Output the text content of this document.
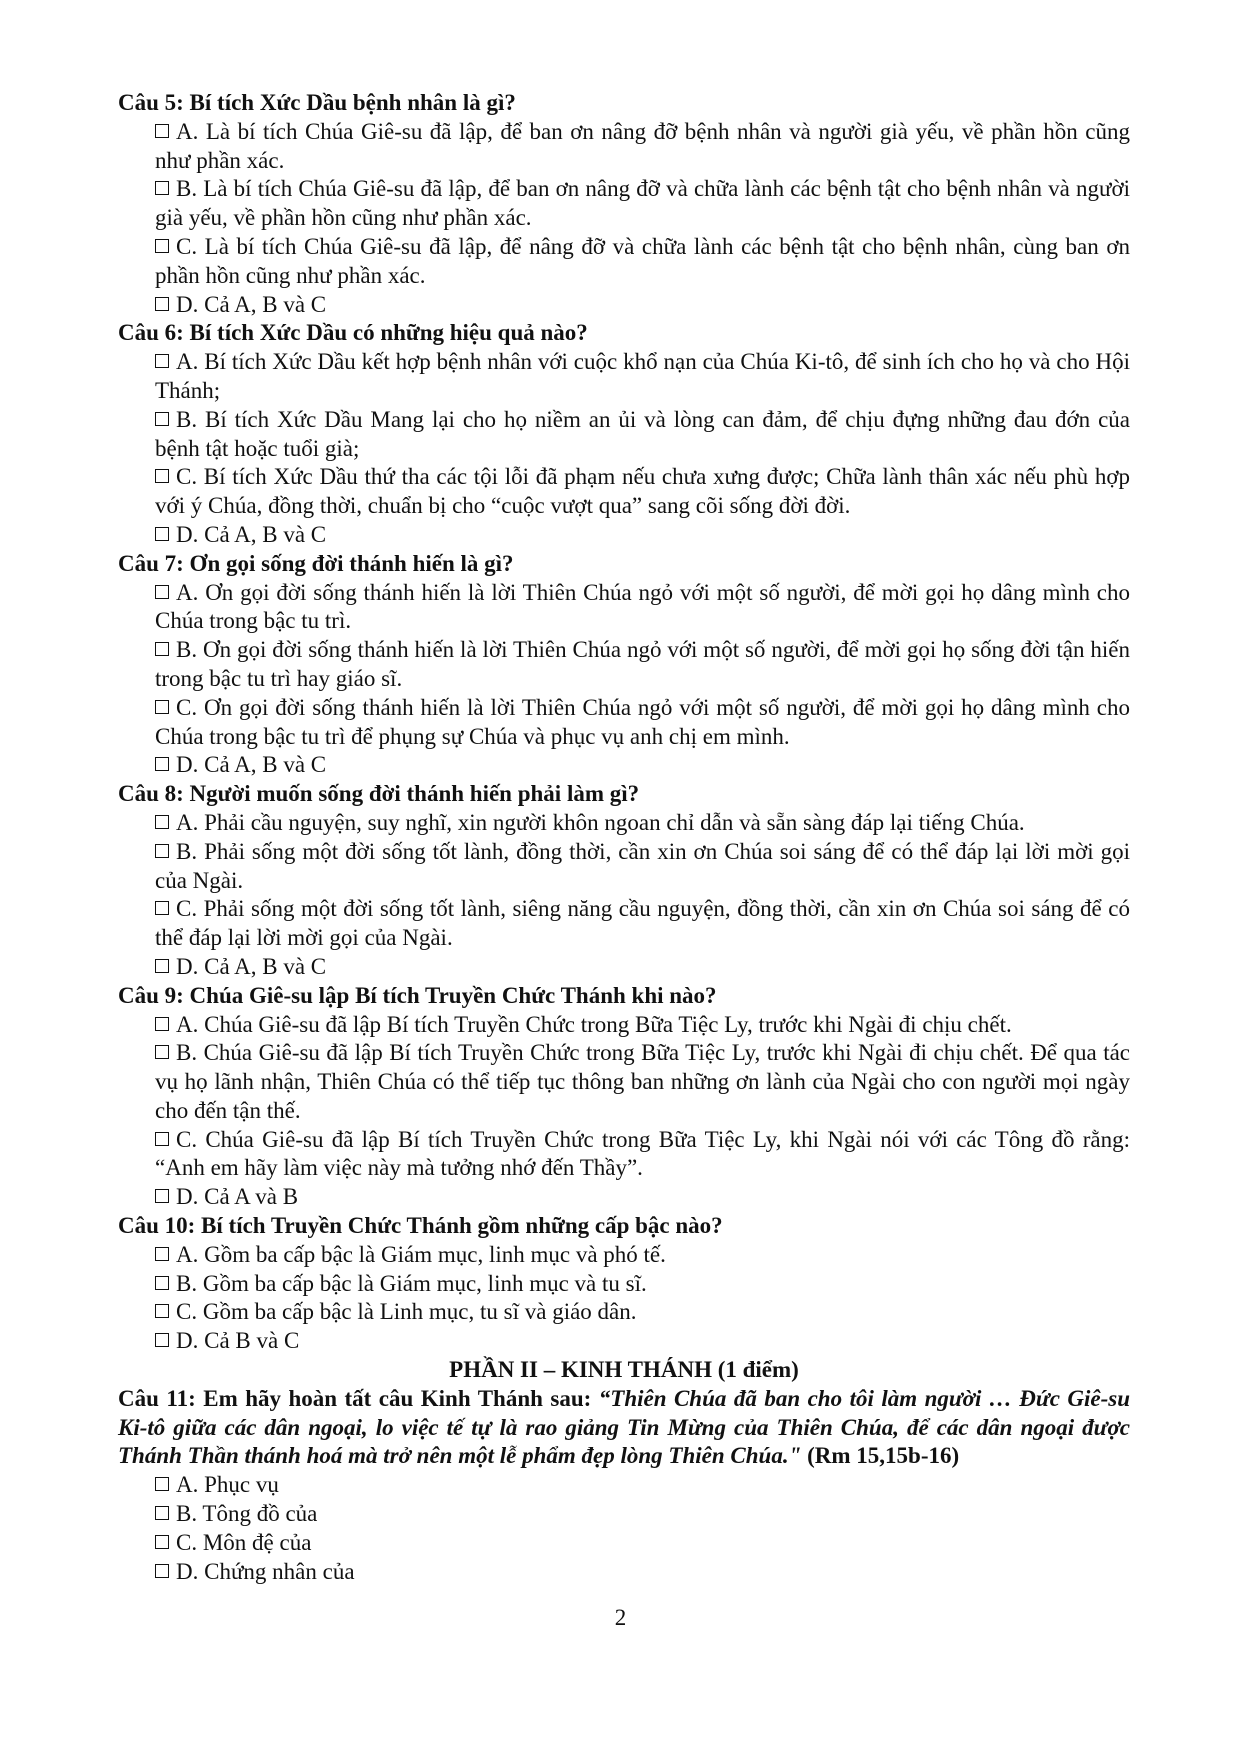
Câu 5: Bí tích Xức Dầu bệnh nhân là gì?

A. Là bí tích Chúa Giê-su đã lập, để ban ơn nâng đỡ bệnh nhân và người già yếu, về phần hồn cũng như phần xác.

B. Là bí tích Chúa Giê-su đã lập, để ban ơn nâng đỡ và chữa lành các bệnh tật cho bệnh nhân và người già yếu, về phần hồn cũng như phần xác.

C. Là bí tích Chúa Giê-su đã lập, để nâng đỡ và chữa lành các bệnh tật cho bệnh nhân, cùng ban ơn phần hồn cũng như phần xác.

D. Cả A, B và C

Câu 6: Bí tích Xức Dầu có những hiệu quả nào?

A. Bí tích Xức Dầu kết hợp bệnh nhân với cuộc khổ nạn của Chúa Ki-tô, để sinh ích cho họ và cho Hội Thánh;

B. Bí tích Xức Dầu Mang lại cho họ niềm an ủi và lòng can đảm, để chịu đựng những đau đớn của bệnh tật hoặc tuổi già;

C. Bí tích Xức Dầu thứ tha các tội lỗi đã phạm nếu chưa xưng được; Chữa lành thân xác nếu phù hợp với ý Chúa, đồng thời, chuẩn bị cho “cuộc vượt qua” sang cõi sống đời đời.

D. Cả A, B và C

Câu 7: Ơn gọi sống đời thánh hiến là gì?

A. Ơn gọi đời sống thánh hiến là lời Thiên Chúa ngỏ với một số người, để mời gọi họ dâng mình cho Chúa trong bậc tu trì.

B. Ơn gọi đời sống thánh hiến là lời Thiên Chúa ngỏ với một số người, để mời gọi họ sống đời tận hiến trong bậc tu trì hay giáo sĩ.

C. Ơn gọi đời sống thánh hiến là lời Thiên Chúa ngỏ với một số người, để mời gọi họ dâng mình cho Chúa trong bậc tu trì để phụng sự Chúa và phục vụ anh chị em mình.

D. Cả A, B và C

Câu 8: Người muốn sống đời thánh hiến phải làm gì?

A. Phải cầu nguyện, suy nghĩ, xin người khôn ngoan chỉ dẫn và sẵn sàng đáp lại tiếng Chúa.

B. Phải sống một đời sống tốt lành, đồng thời, cần xin ơn Chúa soi sáng để có thể đáp lại lời mời gọi của Ngài.

C. Phải sống một đời sống tốt lành, siêng năng cầu nguyện, đồng thời, cần xin ơn Chúa soi sáng để có thể đáp lại lời mời gọi của Ngài.

D. Cả A, B và C

Câu 9: Chúa Giê-su lập Bí tích Truyền Chức Thánh khi nào?

A. Chúa Giê-su đã lập Bí tích Truyền Chức trong Bữa Tiệc Ly, trước khi Ngài đi chịu chết.

B. Chúa Giê-su đã lập Bí tích Truyền Chức trong Bữa Tiệc Ly, trước khi Ngài đi chịu chết. Để qua tác vụ họ lãnh nhận, Thiên Chúa có thể tiếp tục thông ban những ơn lành của Ngài cho con người mọi ngày cho đến tận thế.

C. Chúa Giê-su đã lập Bí tích Truyền Chức trong Bữa Tiệc Ly, khi Ngài nói với các Tông đồ rằng: “Anh em hãy làm việc này mà tưởng nhớ đến Thầy”.

D. Cả A và B

Câu 10: Bí tích Truyền Chức Thánh gồm những cấp bậc nào?

A. Gồm ba cấp bậc là Giám mục, linh mục và phó tế.

B. Gồm ba cấp bậc là Giám mục, linh mục và tu sĩ.

C. Gồm ba cấp bậc là Linh mục, tu sĩ và giáo dân.

D. Cả B và C

PHẦN II – KINH THÁNH (1 điểm)

Câu 11: Em hãy hoàn tất câu Kinh Thánh sau: “Thiên Chúa đã ban cho tôi làm người … Đức Giê-su Ki-tô giữa các dân ngoại, lo việc tế tự là rao giảng Tin Mừng của Thiên Chúa, để các dân ngoại được Thánh Thần thánh hoá mà trở nên một lễ phẩm đẹp lòng Thiên Chúa." (Rm 15,15b-16)

A. Phục vụ

B. Tông đồ của

C. Môn đệ của

D. Chứng nhân của

2
